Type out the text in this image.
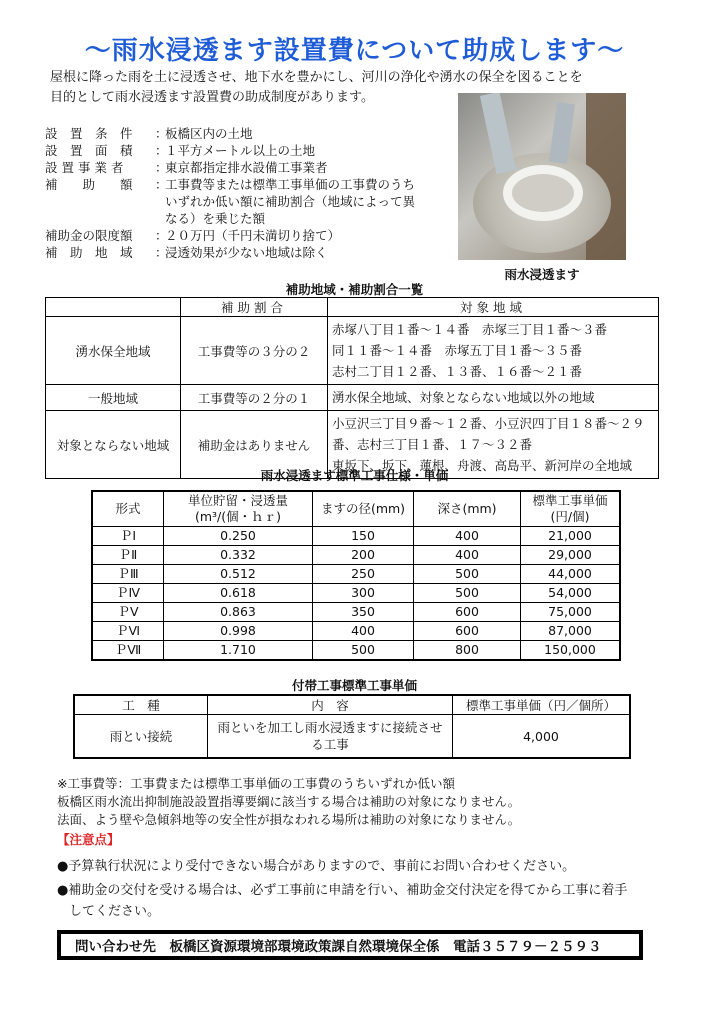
～雨水浸透ます設置費について助成します～

屋根に降った雨を土に浸透させ、地下水を豊かにし、河川の浄化や湧水の保全を図ることを

目的として雨水浸透ます設置費の助成制度があります。

設　置　条　件	：
板橋区内の土地
設　置　面　積	：
１平方メートル以上の土地
設 置 事 業 者	：
東京都指定排水設備工事業者
補　　助　　額	：
工事費等または標準工事単価の工事費のうちいずれか低い額に補助割合（地域によって異なる）を乗じた額
補助金の限度額	：
２０万円（千円未満切り捨て）
補　助　地　域	：
浸透効果が少ない地域は除く
雨水浸透ます
補助地域・補助割合一覧
	補助割合	対象地域
湧水保全地域	工事費等の３分の２	赤塚八丁目１番～１４番　赤塚三丁目１番～３番
同１１番～１４番　赤塚五丁目１番～３５番
志村二丁目１２番、１３番、１６番～２１番

一般地域	工事費等の２分の１	湧水保全地域、対象とならない地域以外の地域

対象とならない地域	補助金はありません	小豆沢三丁目９番～１２番、小豆沢四丁目１８番～２９番、志村三丁目１番、１７～３２番
東坂下、坂下、蓮根、舟渡、高島平、新河岸の全地域
雨水浸透ます標準工事仕様・単価
形式	単位貯留・浸透量(m³/(個・ｈｒ)	ますの径(mm)	深さ(mm)	標準工事単価(円/個)
ＰⅠ	0.250	150	400	21,000
ＰⅡ	0.332	200	400	29,000
ＰⅢ	0.512	250	500	44,000
ＰⅣ	0.618	300	500	54,000
ＰⅤ	0.863	350	600	75,000
ＰⅥ	0.998	400	600	87,000
ＰⅦ	1.710	500	800	150,000
付帯工事標準工事単価
工　種	内　容	標準工事単価（円／個所）
雨とい接続	雨といを加工し雨水浸透ますに接続させる工事	4,000

※工事費等：工事費または標準工事単価の工事費のうちいずれか低い額

板橋区雨水流出抑制施設設置指導要綱に該当する場合は補助の対象になりません。

法面、よう壁や急傾斜地等の安全性が損なわれる場所は補助の対象になりません。

【注意点】

●予算執行状況により受付できない場合がありますので、事前にお問い合わせください。

●補助金の交付を受ける場合は、必ず工事前に申請を行い、補助金交付決定を得てから工事に着手

してください。

問い合わせ先　板橋区資源環境部環境政策課自然環境保全係　電話３５７９－２５９３
